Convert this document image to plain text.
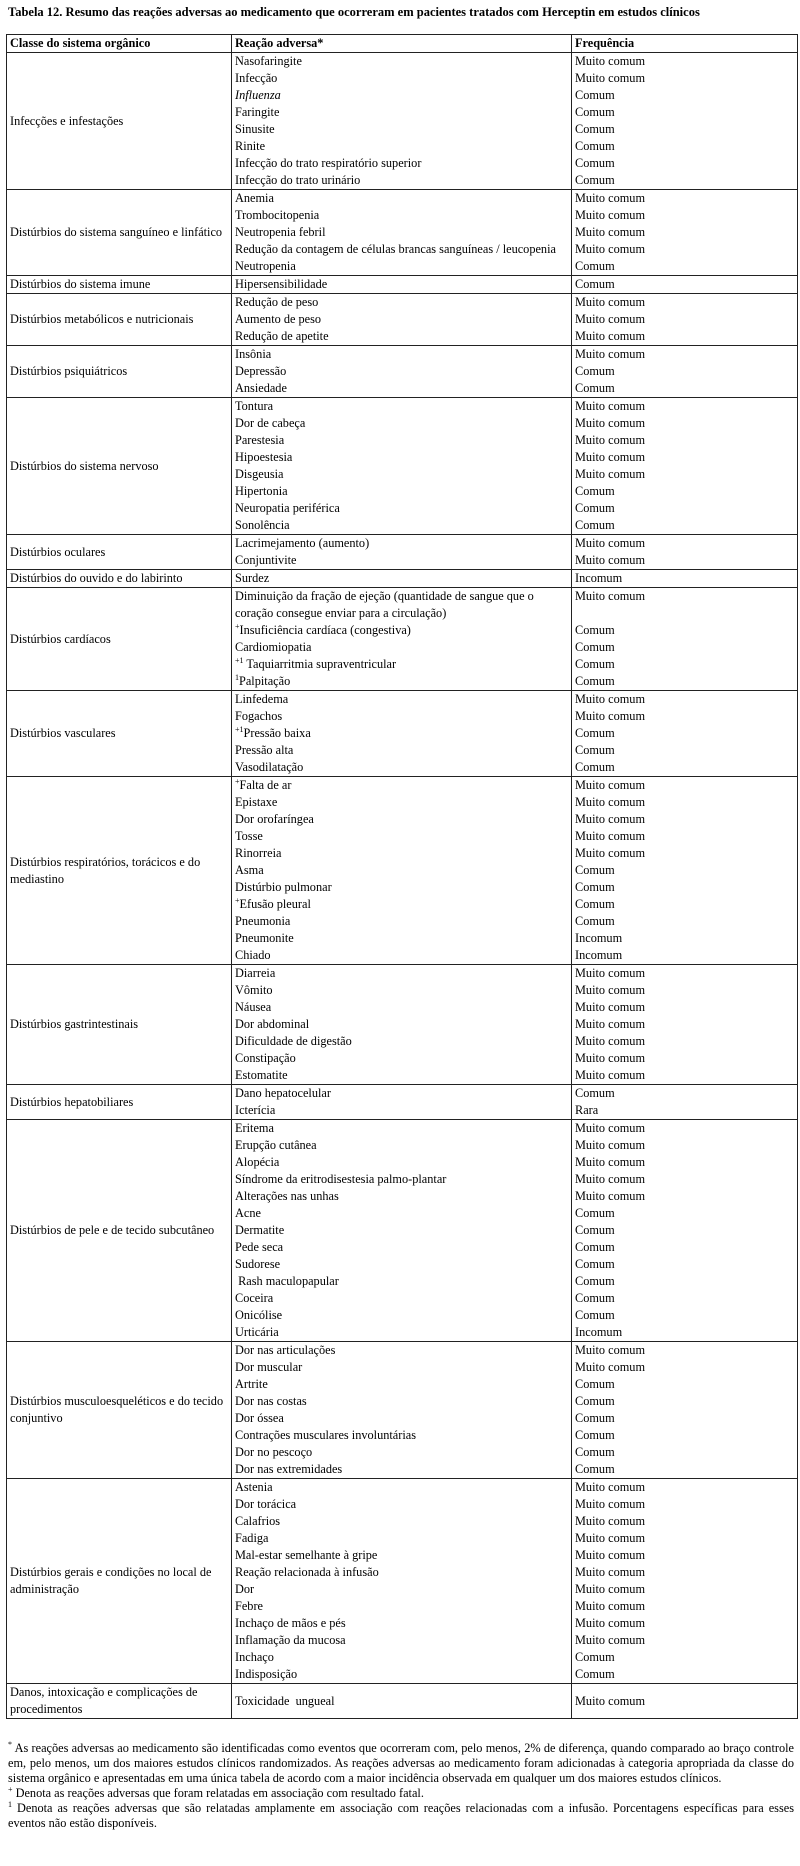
Tabela 12. Resumo das reações adversas ao medicamento que ocorreram em pacientes tratados com Herceptin em estudos clínicos
Classe do sistema orgânico	Reação adversa*	Frequência
Infecções e infestações	Nasofaringite	Muito comum
	Infecção	Muito comum
	Influenza	Comum
	Faringite	Comum
	Sinusite	Comum
	Rinite	Comum
	Infecção do trato respiratório superior	Comum
	Infecção do trato urinário	Comum
Distúrbios do sistema sanguíneo e linfático	Anemia	Muito comum
	Trombocitopenia	Muito comum
	Neutropenia febril	Muito comum
	Redução da contagem de células brancas sanguíneas / leucopenia	Muito comum
	Neutropenia	Comum
Distúrbios do sistema imune	Hipersensibilidade	Comum
Distúrbios metabólicos e nutricionais	Redução de peso	Muito comum
	Aumento de peso	Muito comum
	Redução de apetite	Muito comum
Distúrbios psiquiátricos	Insônia	Muito comum
	Depressão	Comum
	Ansiedade	Comum
Distúrbios do sistema nervoso	Tontura	Muito comum
	Dor de cabeça	Muito comum
	Parestesia	Muito comum
	Hipoestesia	Muito comum
	Disgeusia	Muito comum
	Hipertonia	Comum
	Neuropatia periférica	Comum
	Sonolência	Comum
Distúrbios oculares	Lacrimejamento (aumento)	Muito comum
	Conjuntivite	Muito comum
Distúrbios do ouvido e do labirinto	Surdez	Incomum
Distúrbios cardíacos	Diminuição da fração de ejeção (quantidade de sangue que o coração consegue enviar para a circulação)	Muito comum
	+Insuficiência cardíaca (congestiva)	Comum
	Cardiomiopatia	Comum
	$^{+1}$ Taquiarritmia supraventricular	Comum
	$^1$Palpitação	Comum
Distúrbios vasculares	Linfedema	Muito comum
	Fogachos	Muito comum
	$^{+1}$Pressão baixa	Comum
	Pressão alta	Comum
	Vasodilatação	Comum
Distúrbios respiratórios, torácicos e do mediastino	+Falta de ar	Muito comum
	Epistaxe	Muito comum
	Dor orofaríngea	Muito comum
	Tosse	Muito comum
	Rinorreia	Muito comum
	Asma	Comum
	Distúrbio pulmonar	Comum
	+Efusão pleural	Comum
	Pneumonia	Comum
	Pneumonite	Incomum
	Chiado	Incomum
Distúrbios gastrintestinais	Diarreia	Muito comum
	Vômito	Muito comum
	Náusea	Muito comum
	Dor abdominal	Muito comum
	Dificuldade de digestão	Muito comum
	Constipação	Muito comum
	Estomatite	Muito comum
Distúrbios hepatobiliares	Dano hepatocelular	Comum
	Icterícia	Rara
Distúrbios de pele e de tecido subcutâneo	Eritema	Muito comum
	Erupção cutânea	Muito comum
	Alopécia	Muito comum
	Síndrome da eritrodisestesia palmo-plantar	Muito comum
	Alterações nas unhas	Muito comum
	Acne	Comum
	Dermatite	Comum
	Pede seca	Comum
	Sudorese	Comum
	Rash maculopapular	Comum
	Coceira	Comum
	Onicólise	Comum
	Urticária	Incomum
Distúrbios musculoesqueléticos e do tecido conjuntivo	Dor nas articulações	Muito comum
	Dor muscular	Muito comum
	Artrite	Comum
	Dor nas costas	Comum
	Dor óssea	Comum
	Contrações musculares involuntárias	Comum
	Dor no pescoço	Comum
	Dor nas extremidades	Comum
Distúrbios gerais e condições no local de administração	Astenia	Muito comum
	Dor torácica	Muito comum
	Calafrios	Muito comum
	Fadiga	Muito comum
	Mal-estar semelhante à gripe	Muito comum
	Reação relacionada à infusão	Muito comum
	Dor	Muito comum
	Febre	Muito comum
	Inchaço de mãos e pés	Muito comum
	Inflamação da mucosa	Muito comum
	Inchaço	Comum
	Indisposição	Comum
Danos, intoxicação e complicações de procedimentos	Toxicidade  ungueal	Muito comum

* As reações adversas ao medicamento são identificadas como eventos que ocorreram com, pelo menos, 2% de diferença, quando comparado ao braço controle em, pelo menos, um dos maiores estudos clínicos randomizados. As reações adversas ao medicamento foram adicionadas à categoria apropriada da classe do sistema orgânico e apresentadas em uma única tabela de acordo com a maior incidência observada em qualquer um dos maiores estudos clínicos.

+ Denota as reações adversas que foram relatadas em associação com resultado fatal.

$^1$ Denota as reações adversas que são relatadas amplamente em associação com reações relacionadas com a infusão. Porcentagens específicas para esses eventos não estão disponíveis.
